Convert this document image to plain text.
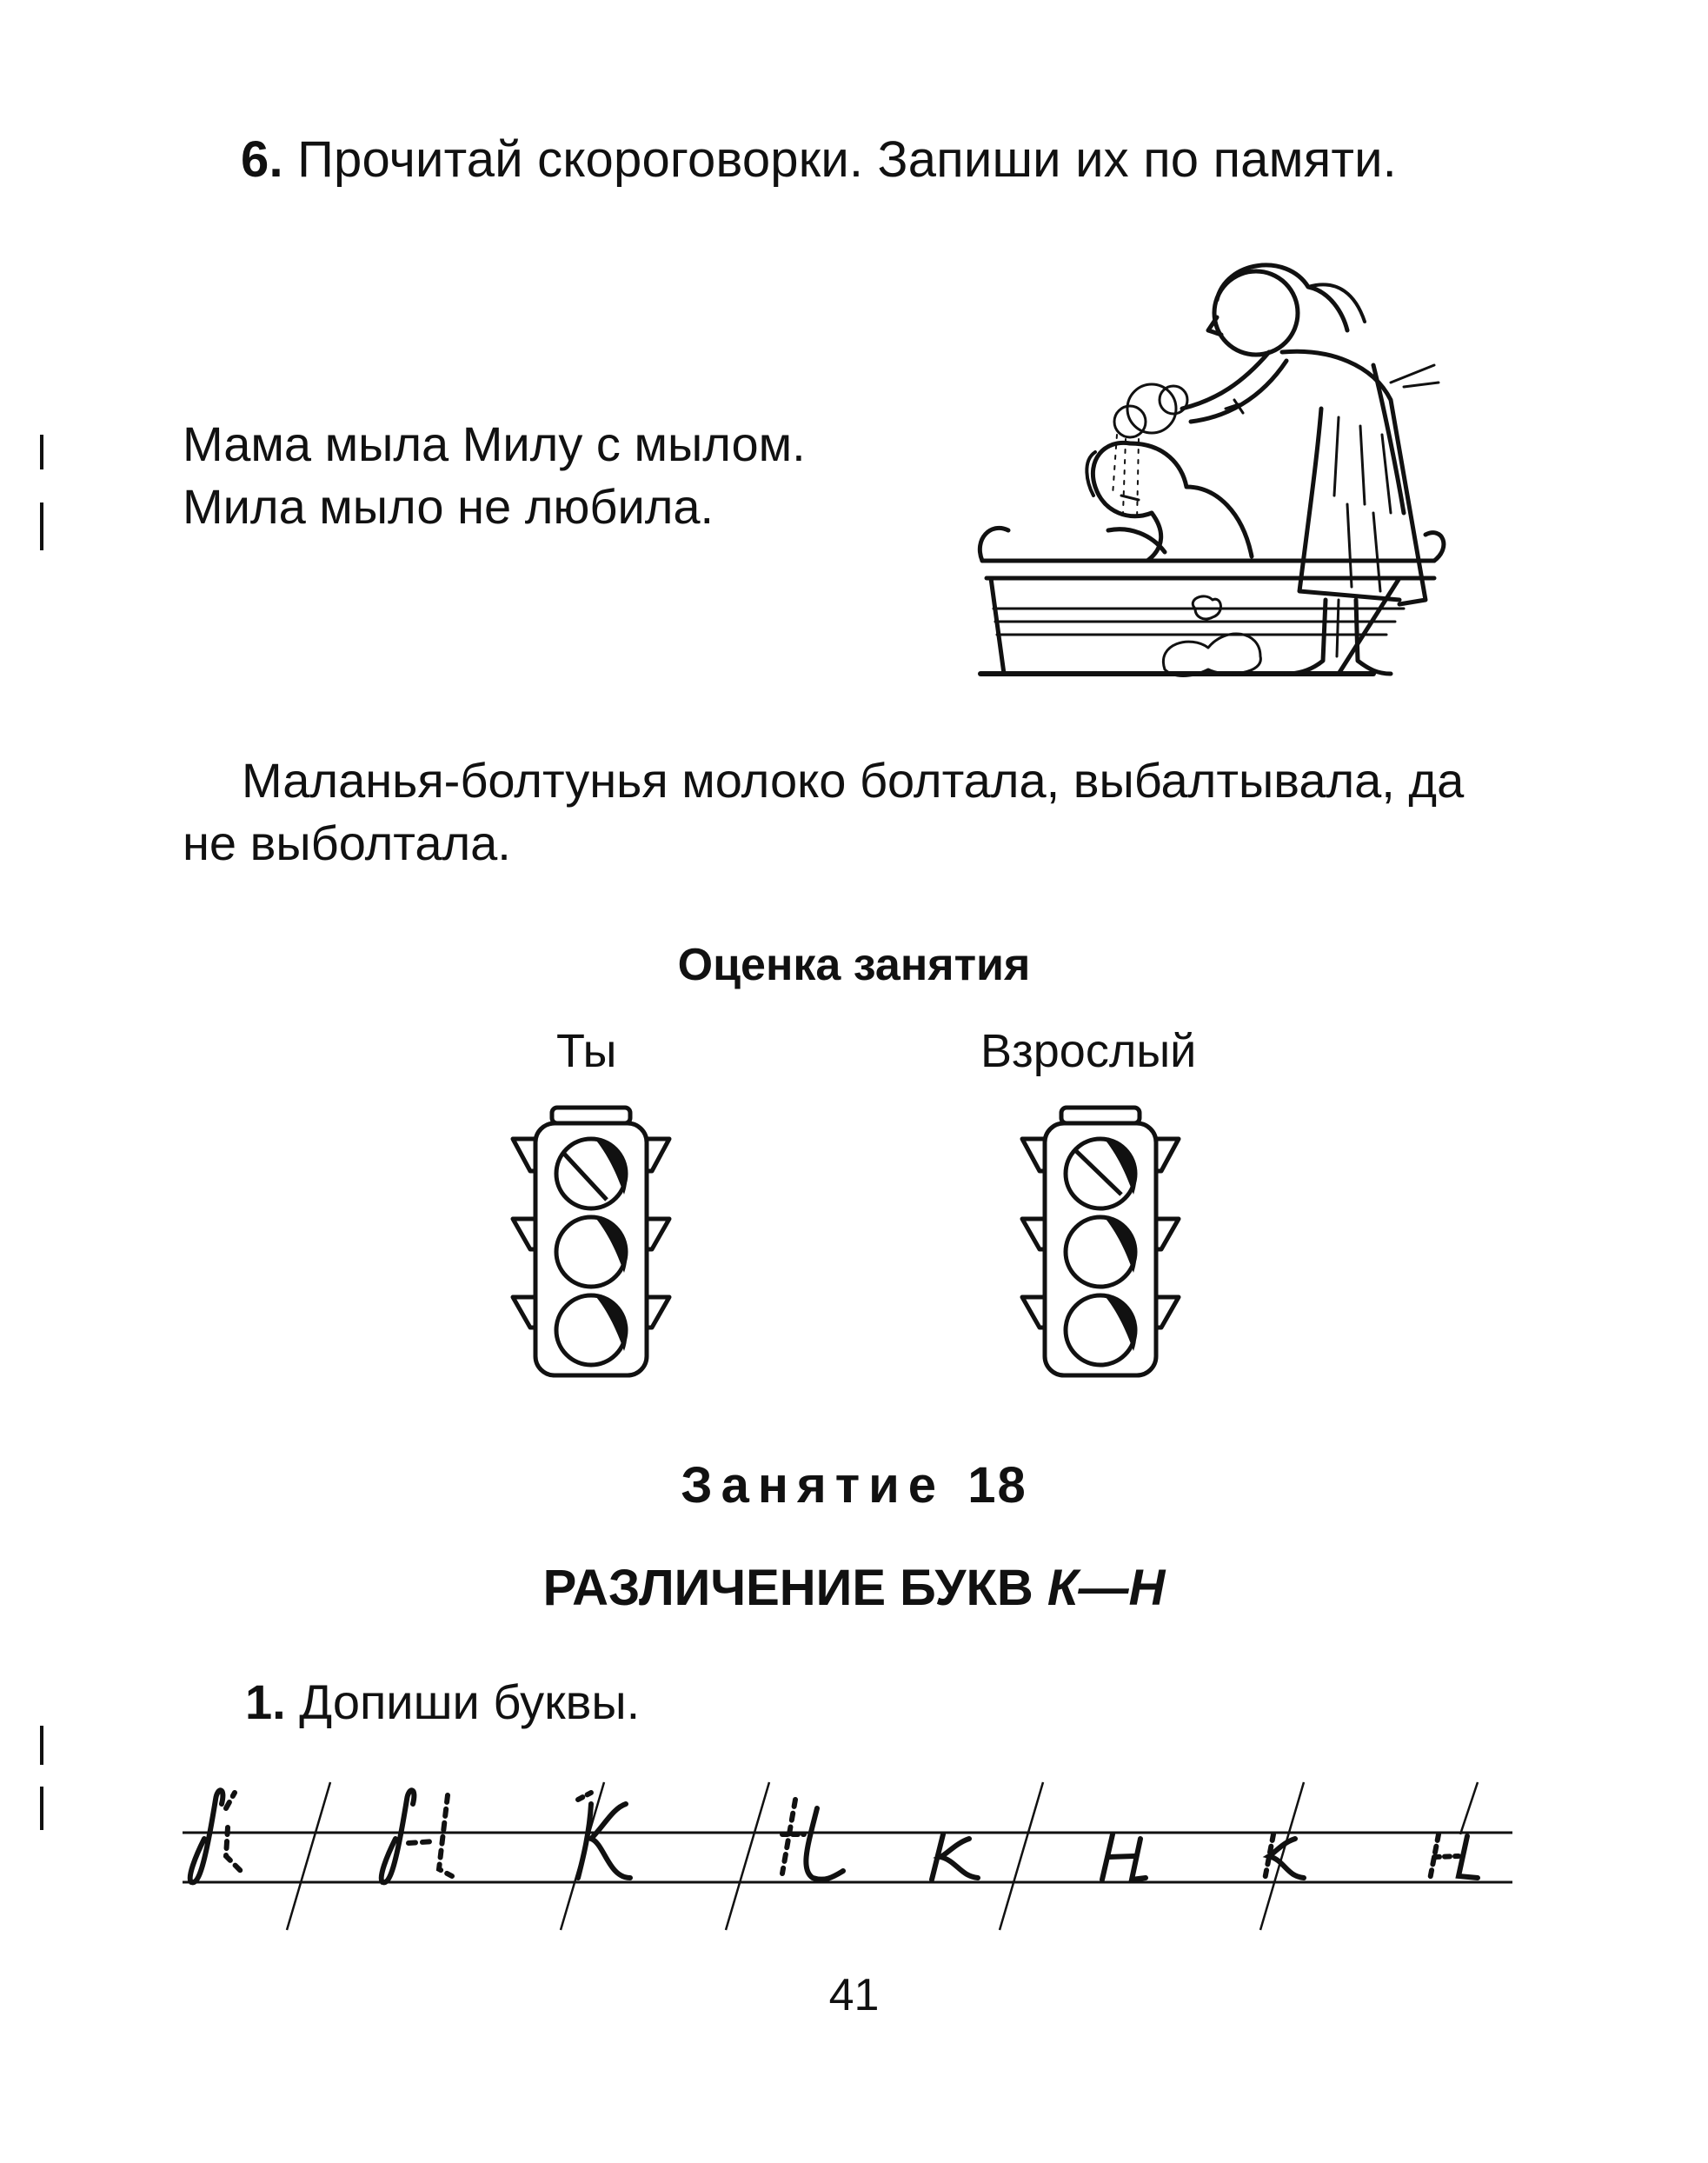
6. Прочитай скороговорки. Запиши их по памяти.
Мама мыла Милу с мылом.
Мила мыло не любила.
Маланья-болтунья молоко болтала, выбалтывала, да
не выболтала.
Оценка занятия
Ты	Взрослый
Занятие 18
РАЗЛИЧЕНИЕ БУКВ К—Н
1. Допиши буквы.
41
